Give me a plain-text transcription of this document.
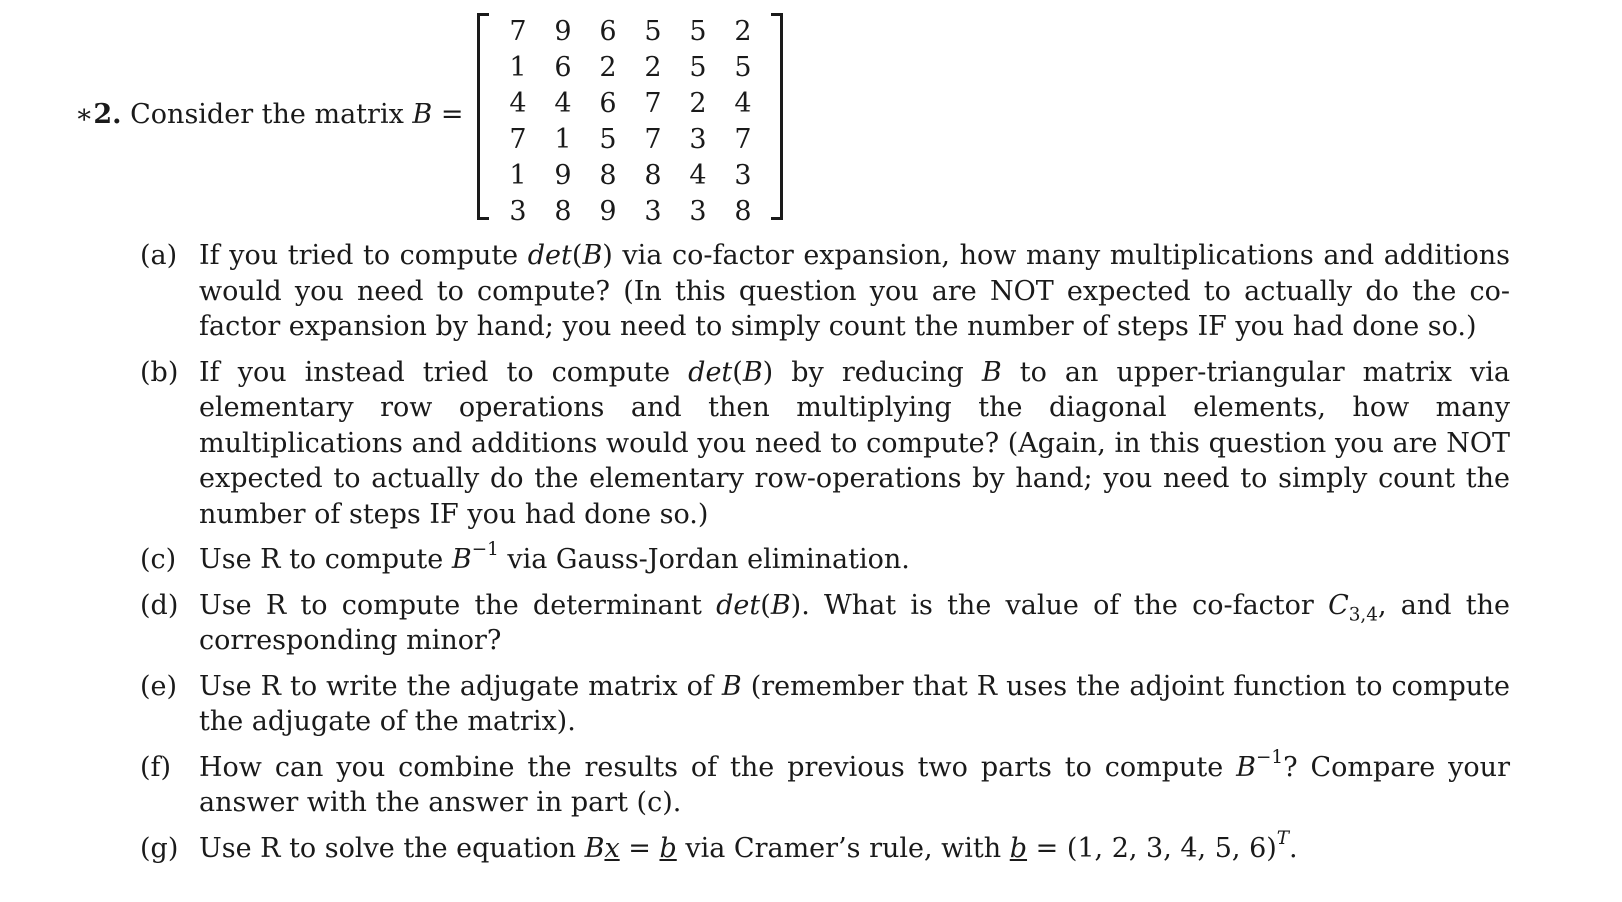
∗2. Consider the matrix B =
7	9	6	5	5	2
1	6	2	2	5	5
4	4	6	7	2	4
7	1	5	7	3	7
1	9	8	8	4	3
3	8	9	3	3	8
(a) If you tried to compute det(B) via co-factor expansion, how many multiplications and additions would you need to compute? (In this question you are NOT expected to actually do the co-factor expansion by hand; you need to simply count the number of steps IF you had done so.)
(b) If you instead tried to compute det(B) by reducing B to an upper-triangular matrix via elementary row operations and then multiplying the diagonal elements, how many multiplications and additions would you need to compute? (Again, in this question you are NOT expected to actually do the elementary row-operations by hand; you need to simply count the number of steps IF you had done so.)
(c) Use R to compute $B^{-1}$ via Gauss-Jordan elimination.
(d) Use R to compute the determinant det(B). What is the value of the co-factor $C_{3,4}$, and the corresponding minor?
(e) Use R to write the adjugate matrix of B (remember that R uses the adjoint function to compute the adjugate of the matrix).
(f)	How can you combine the results of the previous two parts to compute $B^{-1}$? Compare your answer with the answer in part (c).
(g) Use R to solve the equation Bx = b via Cramer’s rule, with b = (1, 2, 3, 4, 5, 6)$^T$.
